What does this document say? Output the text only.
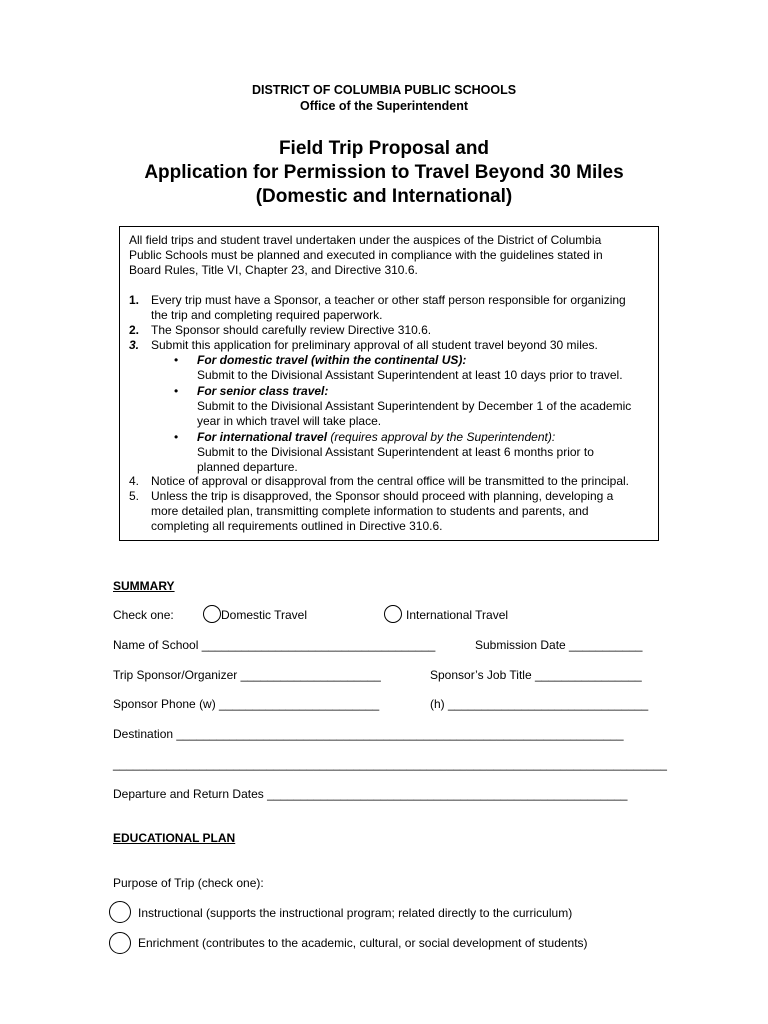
DISTRICT OF COLUMBIA PUBLIC SCHOOLS
Office of the Superintendent
Field Trip Proposal and
Application for Permission to Travel Beyond 30 Miles
(Domestic and International)
All field trips and student travel undertaken under the auspices of the District of Columbia
Public Schools must be planned and executed in compliance with the guidelines stated in
Board Rules, Title VI, Chapter 23, and Directive 310.6.
1. Every trip must have a Sponsor, a teacher or other staff person responsible for organizing
the trip and completing required paperwork.
2. The Sponsor should carefully review Directive 310.6.
3. Submit this application for preliminary approval of all student travel beyond 30 miles.
• For domestic travel (within the continental US):
Submit to the Divisional Assistant Superintendent at least 10 days prior to travel.
• For senior class travel:
Submit to the Divisional Assistant Superintendent by December 1 of the academic
year in which travel will take place.
• For international travel (requires approval by the Superintendent):
Submit to the Divisional Assistant Superintendent at least 6 months prior to
planned departure.
4. Notice of approval or disapproval from the central office will be transmitted to the principal.
5. Unless the trip is disapproved, the Sponsor should proceed with planning, developing a
more detailed plan, transmitting complete information to students and parents, and
completing all requirements outlined in Directive 310.6.
SUMMARY
Check one:	Domestic Travel	International Travel
Name of School ___________________________________	Submission Date ___________
Trip Sponsor/Organizer _____________________	Sponsor’s Job Title ________________
Sponsor Phone (w) ________________________	(h) ______________________________
Destination ___________________________________________________________________
___________________________________________________________________________________
Departure and Return Dates ______________________________________________________
EDUCATIONAL PLAN
Purpose of Trip (check one):
Instructional (supports the instructional program; related directly to the curriculum)
Enrichment (contributes to the academic, cultural, or social development of students)
